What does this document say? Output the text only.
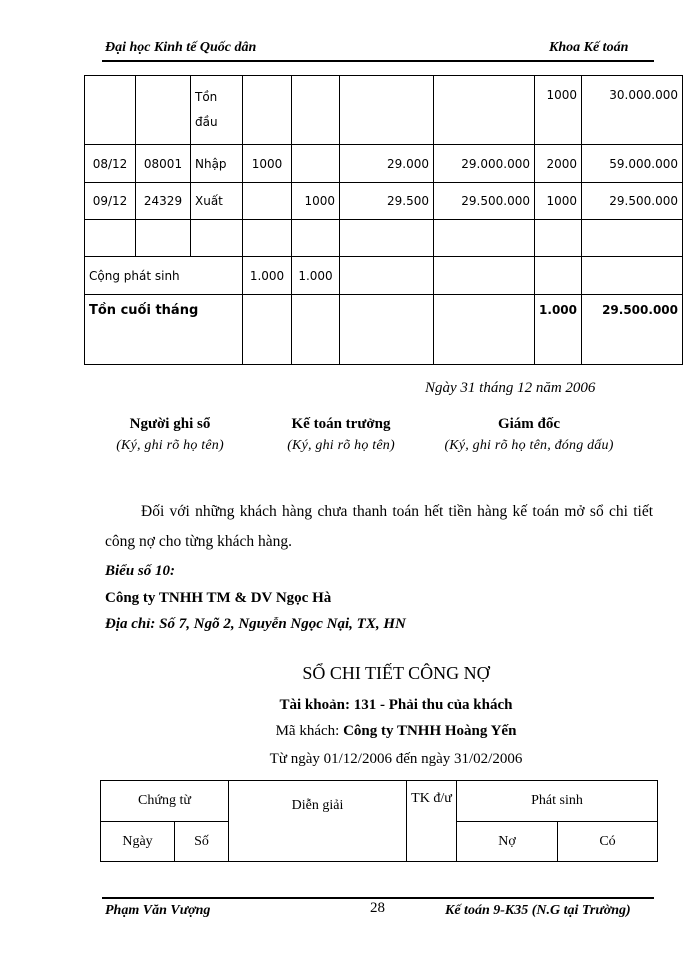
Đại học Kinh tế Quốc dân	Khoa Kế toán
		Tồn đầu					1000	30.000.000
08/12	08001	Nhập	1000		29.000	29.000.000	2000	59.000.000
09/12	24329	Xuất		1000	29.500	29.500.000	1000	29.500.000

Cộng phát sinh			1.000	1.000				
Tồn cuối tháng							1.000	29.500.000
Ngày 31 tháng 12 năm 2006
Người ghi sổ
(Ký, ghi rõ họ tên)
Kế toán trưởng
(Ký, ghi rõ họ tên)
Giám đốc
(Ký, ghi rõ họ tên, đóng dấu)
Đối với những khách hàng chưa thanh toán hết tiền hàng kế toán mở sổ chi tiết công nợ cho từng khách hàng.
Biểu số 10:
Công ty TNHH TM & DV Ngọc Hà
Địa chỉ: Số 7, Ngõ 2, Nguyễn Ngọc Nại, TX, HN
SỔ CHI TIẾT CÔNG NỢ
Tài khoản: 131 - Phải thu của khách
Mã khách: Công ty TNHH Hoàng Yến
Từ ngày 01/12/2006 đến ngày 31/02/2006
Chứng từ		Diễn giải	TK đ/ư	Phát sinh	
Ngày	Số			Nợ	Có
Phạm Văn Vượng	28	Kế toán 9-K35 (N.G tại Trường)
